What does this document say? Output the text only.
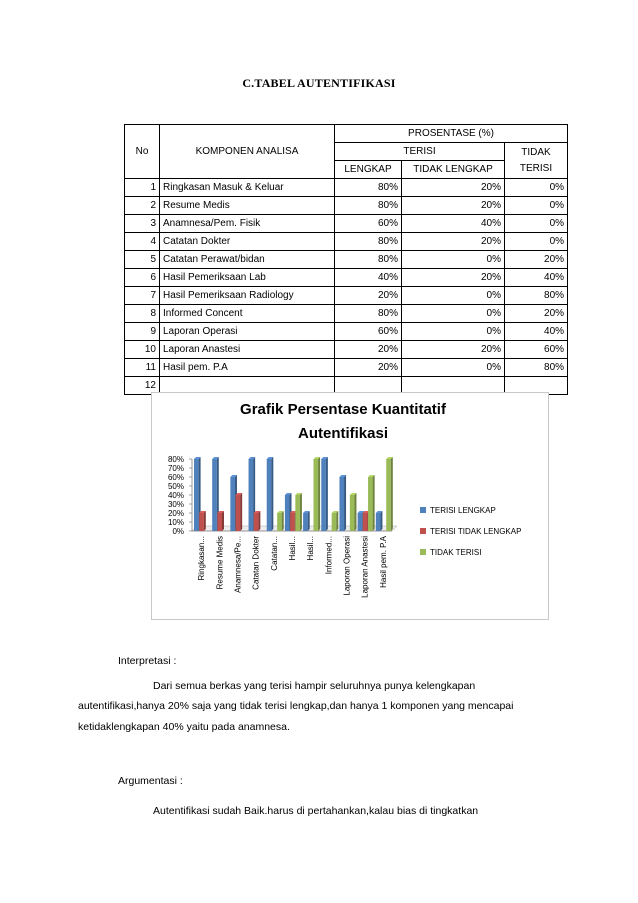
C.TABEL AUTENTIFIKASI
No	KOMPONEN ANALISA	PROSENTASE (%)		
		TERISI		TIDAK
TERISI

		LENGKAP	TIDAK LENGKAP	
1	Ringkasan Masuk & Keluar	80%	20%	0%
2	Resume Medis	80%	20%	0%
3	Anamnesa/Pem. Fisik	60%	40%	0%
4	Catatan Dokter	80%	20%	0%
5	Catatan Perawat/bidan	80%	0%	20%
6	Hasil Pemeriksaan Lab	40%	20%	40%
7	Hasil Pemeriksaan Radiology	20%	0%	80%
8	Informed Concent	80%	0%	20%
9	Laporan Operasi	60%	0%	40%
10	Laporan Anastesi	20%	20%	60%
11	Hasil pem. P.A	20%	0%	80%
12				
Grafik Persentase Kuantitatif
Autentifikasi
0%
10%
20%
30%
40%
50%
60%
70%
80%
Ringkasan... Resume Medis Anamnesa/Pe... Catatan Dokter Catatan... Hasil... Hasil... Informed... Laporan Operasi Laporan Anastesi Hasil pem. P.A
TERISI LENGKAP
TERISI TIDAK LENGKAP
TIDAK TERISI
Interpretasi :
Dari semua berkas yang terisi hampir seluruhnya punya kelengkapan
autentifikasi,hanya 20% saja yang tidak terisi lengkap,dan hanya 1 komponen yang mencapai
ketidaklengkapan 40% yaitu pada anamnesa.
Argumentasi :
Autentifikasi sudah Baik.harus di pertahankan,kalau bias di tingkatkan
